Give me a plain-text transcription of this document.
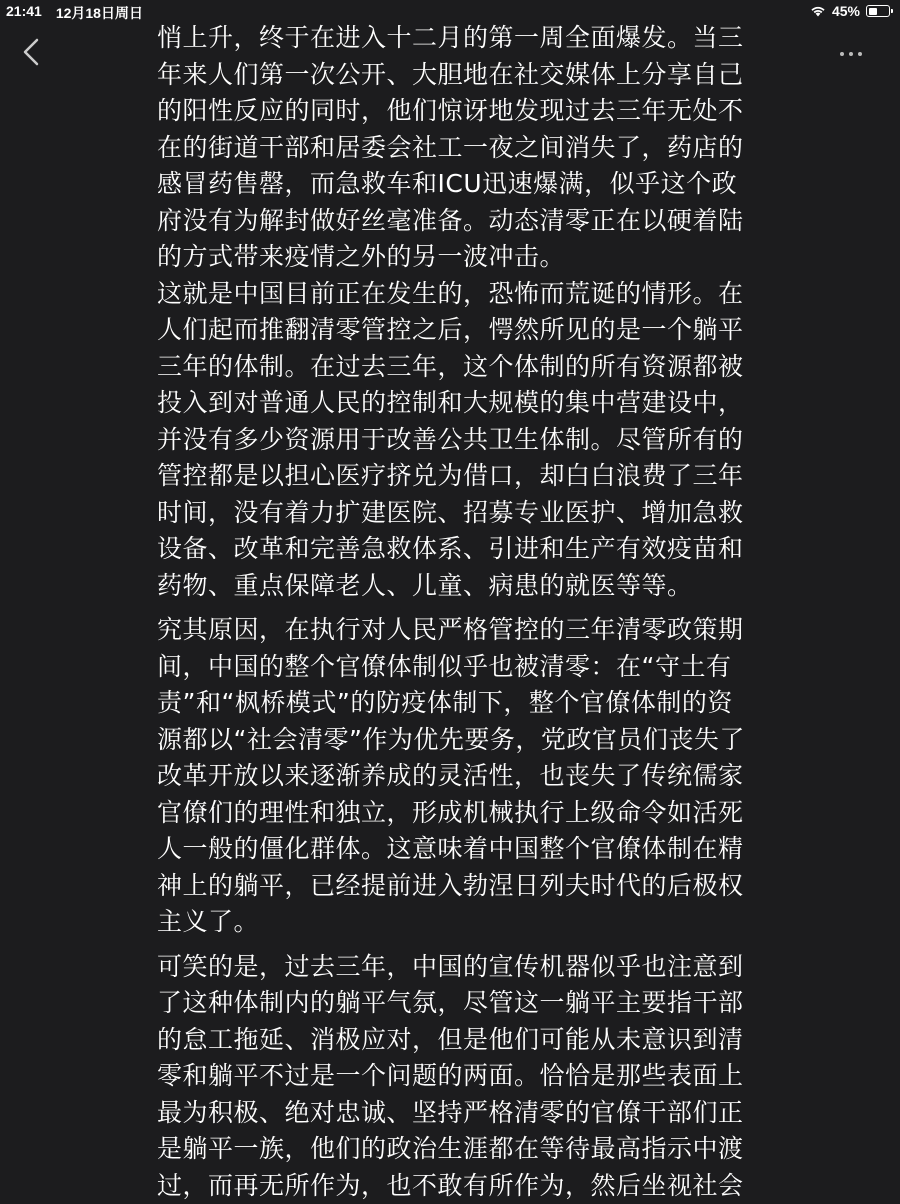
21:41 12月18日周日	45%

悄上升，终于在进入十二月的第一周全面爆发。当三

年来人们第一次公开、大胆地在社交媒体上分享自己

的阳性反应的同时，他们惊讶地发现过去三年无处不

在的街道干部和居委会社工一夜之间消失了，药店的

感冒药售罄，而急救车和ICU迅速爆满，似乎这个政

府没有为解封做好丝毫准备。动态清零正在以硬着陆

的方式带来疫情之外的另一波冲击。

这就是中国目前正在发生的，恐怖而荒诞的情形。在

人们起而推翻清零管控之后，愕然所见的是一个躺平

三年的体制。在过去三年，这个体制的所有资源都被

投入到对普通人民的控制和大规模的集中营建设中，

并没有多少资源用于改善公共卫生体制。尽管所有的

管控都是以担心医疗挤兑为借口，却白白浪费了三年

时间，没有着力扩建医院、招募专业医护、增加急救

设备、改革和完善急救体系、引进和生产有效疫苗和

药物、重点保障老人、儿童、病患的就医等等。

究其原因，在执行对人民严格管控的三年清零政策期

间，中国的整个官僚体制似乎也被清零：在“守土有

责”和“枫桥模式”的防疫体制下，整个官僚体制的资

源都以“社会清零”作为优先要务，党政官员们丧失了

改革开放以来逐渐养成的灵活性，也丧失了传统儒家

官僚们的理性和独立，形成机械执行上级命令如活死

人一般的僵化群体。这意味着中国整个官僚体制在精

神上的躺平，已经提前进入勃涅日列夫时代的后极权

主义了。

可笑的是，过去三年，中国的宣传机器似乎也注意到

了这种体制内的躺平气氛，尽管这一躺平主要指干部

的怠工拖延、消极应对，但是他们可能从未意识到清

零和躺平不过是一个问题的两面。恰恰是那些表面上

最为积极、绝对忠诚、坚持严格清零的官僚干部们正

是躺平一族，他们的政治生涯都在等待最高指示中渡

过，而再无所作为，也不敢有所作为，然后坐视社会
